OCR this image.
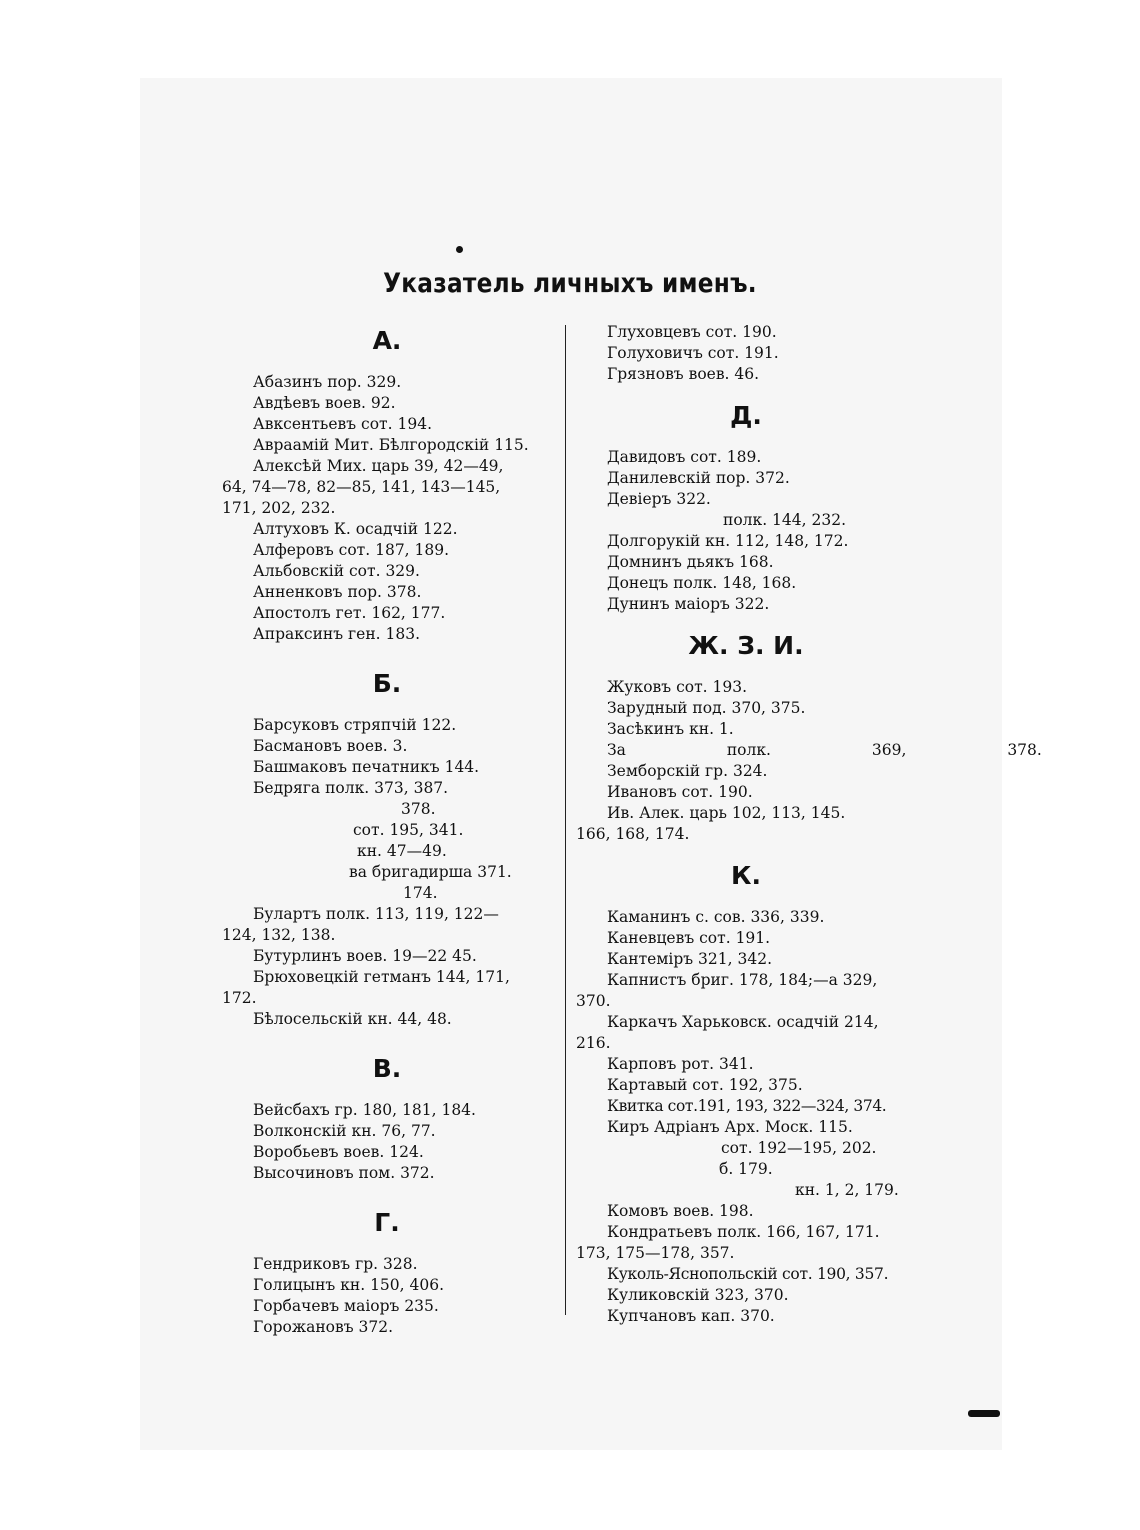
Указатель личныхъ именъ.
А.
Абазинъ пор. 329.
Авдѣевъ воев. 92.
Авксентьевъ сот. 194.
Авраамій Мит. Бѣлгородскій 115.
Алексѣй Мих. царь 39, 42—49,
64, 74—78, 82—85, 141, 143—145,
171, 202, 232.
Алтуховъ К. осадчій 122.
Алферовъ сот. 187, 189.
Альбовскій сот. 329.
Анненковъ пор. 378.
Апостолъ гет. 162, 177.
Апраксинъ ген. 183.
Б.
Барсуковъ стряпчій 122.
Басмановъ воев. 3.
Башмаковъ печатникъ 144.
Бедряга полк. 373, 387.
378.
сот. 195, 341.
кн. 47—49.
ва бригадирша 371.
174.
Булартъ полк. 113, 119, 122—
124, 132, 138.
Бутурлинъ воев. 19—22 45.
Брюховецкій гетманъ 144, 171,
172.
Бѣлосельскій кн. 44, 48.
В.
Вейсбахъ гр. 180, 181, 184.
Волконскій кн. 76, 77.
Воробьевъ воев. 124.
Высочиновъ пом. 372.
Г.
Гендриковъ гр. 328.
Голицынъ кн. 150, 406.
Горбачевъ маіоръ 235.
Горожановъ 372.
Глуховцевъ сот. 190.
Голуховичъ сот. 191.
Грязновъ воев. 46.
Д.
Давидовъ сот. 189.
Данилевскій пор. 372.
Девіеръ 322.
полк. 144, 232.
Долгорукій кн. 112, 148, 172.
Домнинъ дьякъ 168.
Донецъ полк. 148, 168.
Дунинъ маіоръ 322.
Ж. З. И.
Жуковъ сот. 193.
Зарудный под. 370, 375.
Засѣкинъ кн. 1.
За полк. 369, 378.
Земборскій гр. 324.
Ивановъ сот. 190.
Ив. Алек. царь 102, 113, 145.
166, 168, 174.
К.
Каманинъ с. сов. 336, 339.
Каневцевъ сот. 191.
Кантеміръ 321, 342.
Капнистъ бриг. 178, 184;—а 329,
370.
Каркачъ Харьковск. осадчій 214,
216.
Карповъ рот. 341.
Картавый сот. 192, 375.
Квитка сот.191, 193, 322—324, 374.
Киръ Адріанъ Арх. Моск. 115.
сот. 192—195, 202.
б. 179.
кн. 1, 2, 179.
Комовъ воев. 198.
Кондратьевъ полк. 166, 167, 171.
173, 175—178, 357.
Куколь-Яснопольскій сот. 190, 357.
Куликовскій 323, 370.
Купчановъ кап. 370.
